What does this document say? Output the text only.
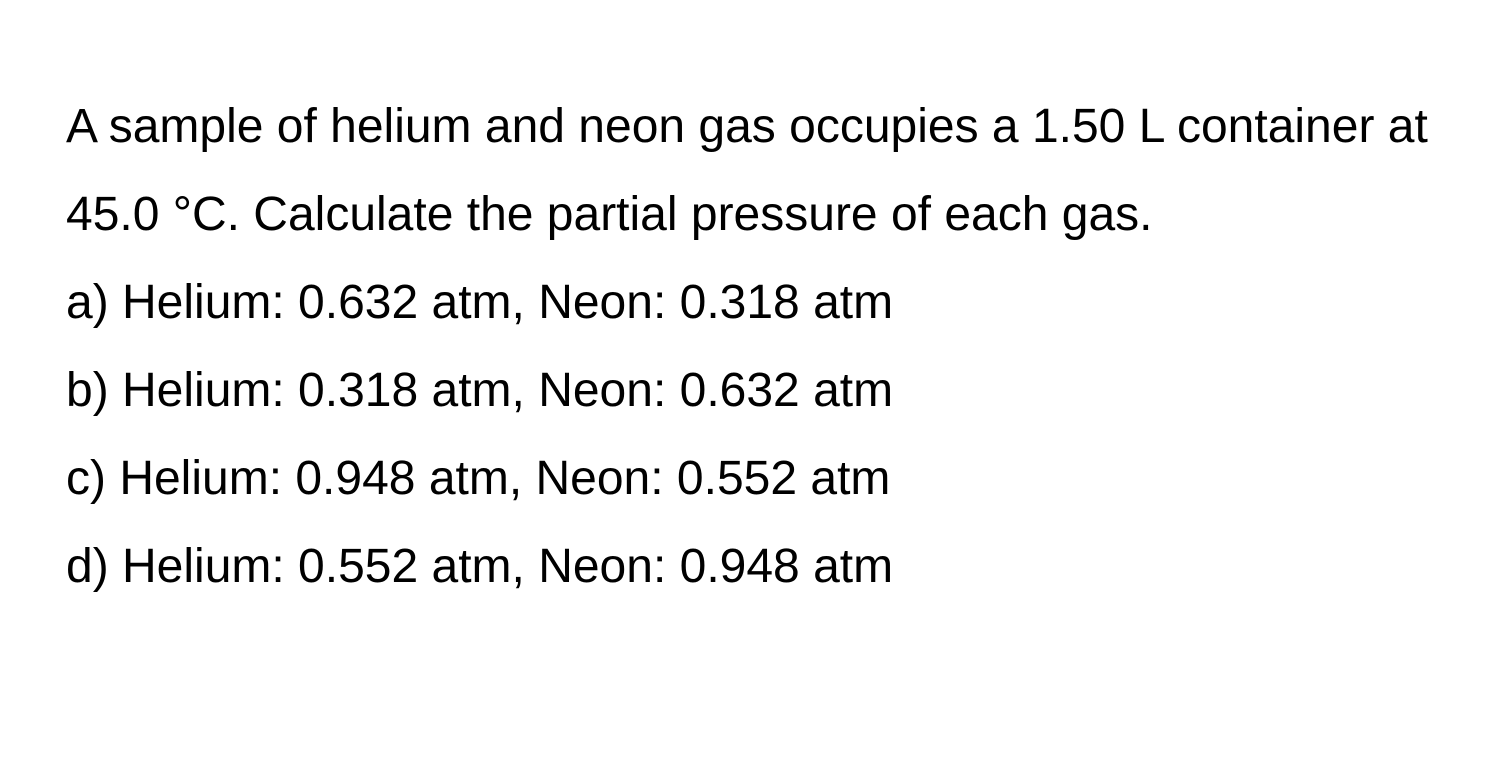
A sample of helium and neon gas occupies a 1.50 L container at 45.0 °C. Calculate the partial pressure of each gas.

a) Helium: 0.632 atm, Neon: 0.318 atm
b) Helium: 0.318 atm, Neon: 0.632 atm
c) Helium: 0.948 atm, Neon: 0.552 atm
d) Helium: 0.552 atm, Neon: 0.948 atm
